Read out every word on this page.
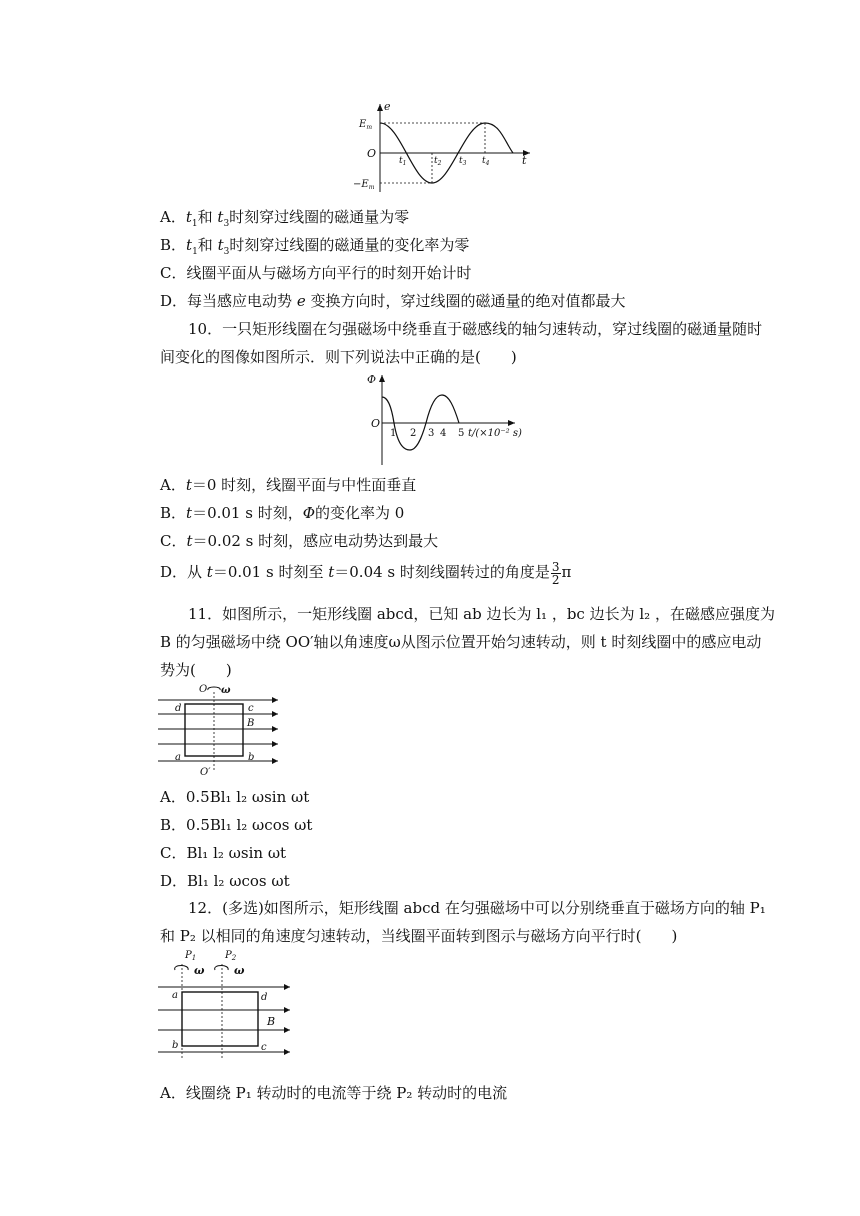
e
t
O
$E_m$
$-E_m$
$t_1$	$t_2$ $t_3$ $t_4$
A．$t_1$和 $t_3$时刻穿过线圈的磁通量为零
B．$t_1$和 $t_3$时刻穿过线圈的磁通量的变化率为零
C．线圈平面从与磁场方向平行的时刻开始计时
D．每当感应电动势 e 变换方向时，穿过线圈的磁通量的绝对值都最大
10．一只矩形线圈在匀强磁场中绕垂直于磁感线的轴匀速转动，穿过线圈的磁通量随时
间变化的图像如图所示．则下列说法中正确的是(　　)
Φ
O
1 2 3 4 5 t/(×10⁻² s)
A．t＝0 时刻，线圈平面与中性面垂直
B．t＝0.01 s 时刻，Φ的变化率为 0
C．t＝0.02 s 时刻，感应电动势达到最大
D．从 t＝0.01 s 时刻至 t＝0.04 s 时刻线圈转过的角度是 $\frac{3}{2}$ π
11．如图所示，一矩形线圈 abcd，已知 ab 边长为 l₁ ，bc 边长为 l₂ ，在磁感应强度为
B 的匀强磁场中绕 OO′轴以角速度ω从图示位置开始匀速转动，则 t 时刻线圈中的感应电动
势为(　　)
O ω
d	c
B
a	b
O′
A．0.5Bl₁ l₂ ωsin ωt
B．0.5Bl₁ l₂ ωcos ωt
C．Bl₁ l₂ ωsin ωt
D．Bl₁ l₂ ωcos ωt
12．(多选)如图所示，矩形线圈 abcd 在匀强磁场中可以分别绕垂直于磁场方向的轴 P₁
和 P₂ 以相同的角速度匀速转动，当线圈平面转到图示与磁场方向平行时(　　)
$P_1$	$P_2$
ω	ω
a	d
B
b	c
A．线圈绕 P₁ 转动时的电流等于绕 P₂ 转动时的电流
